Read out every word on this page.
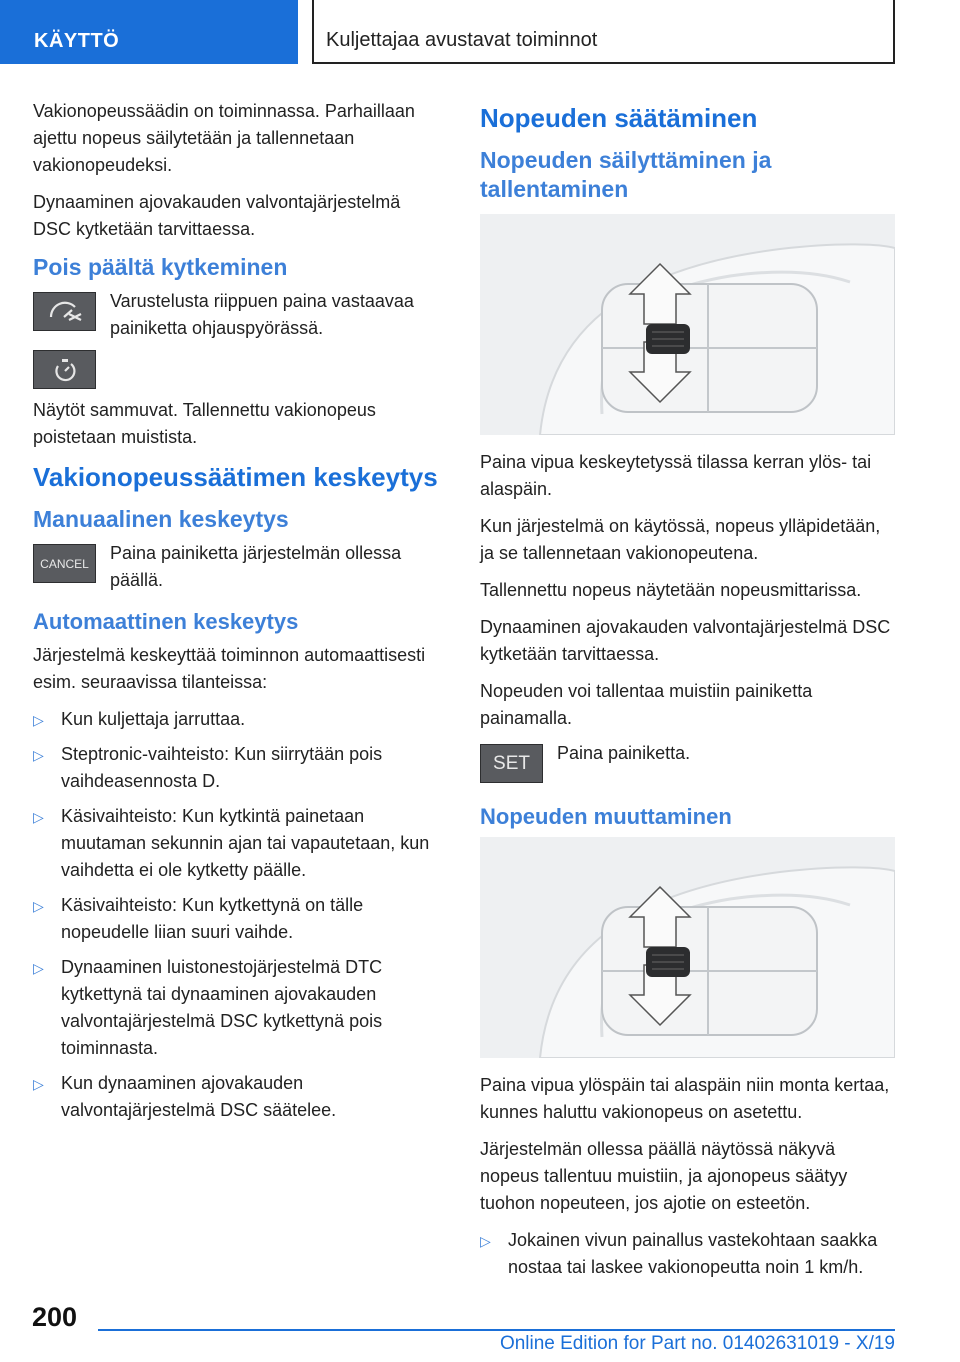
KÄYTTÖ	Kuljettajaa avustavat toiminnot

Vakionopeussäädin on toiminnassa. Parhaillaan ajettu nopeus säilytetään ja tallennetaan vakionopeudeksi.

Dynaaminen ajovakauden valvontajärjestelmä DSC kytketään tarvittaessa.

Pois päältä kytkeminen
Varustelusta riippuen paina vastaavaa painiketta ohjauspyörässä.

Näytöt sammuvat. Tallennettu vakionopeus poistetaan muistista.

Vakionopeussäätimen keskeytys
Manuaalinen keskeytys
CANCEL
Paina painiketta järjestelmän ollessa päällä.
Automaattinen keskeytys

Järjestelmä keskeyttää toiminnon automaattisesti esim. seuraavissa tilanteissa:

▷ Kun kuljettaja jarruttaa.
▷ Steptronic-vaihteisto: Kun siirrytään pois vaihdeasennosta D.
▷ Käsivaihteisto: Kun kytkintä painetaan muutaman sekunnin ajan tai vapautetaan, kun vaihdetta ei ole kytketty päälle.
▷ Käsivaihteisto: Kun kytkettynä on tälle nopeudelle liian suuri vaihde.
▷ Dynaaminen luistonestojärjestelmä DTC kytkettynä tai dynaaminen ajovakauden valvontajärjestelmä DSC kytkettynä pois toiminnasta.
▷ Kun dynaaminen ajovakauden valvontajärjestelmä DSC säätelee.
Nopeuden säätäminen
Nopeuden säilyttäminen ja tallentaminen

Paina vipua keskeytetyssä tilassa kerran ylös- tai alaspäin.

Kun järjestelmä on käytössä, nopeus ylläpidetään, ja se tallennetaan vakionopeutena.

Tallennettu nopeus näytetään nopeusmittarissa.

Dynaaminen ajovakauden valvontajärjestelmä DSC kytketään tarvittaessa.

Nopeuden voi tallentaa muistiin painiketta painamalla.

SET Paina painiketta.
Nopeuden muuttaminen

Paina vipua ylöspäin tai alaspäin niin monta kertaa, kunnes haluttu vakionopeus on asetettu.

Järjestelmän ollessa päällä näytössä näkyvä nopeus tallentuu muistiin, ja ajonopeus säätyy tuohon nopeuteen, jos ajotie on esteetön.

▷ Jokainen vivun painallus vastekohtaan saakka nostaa tai laskee vakionopeutta noin 1 km/h.
200
Online Edition for Part no. 01402631019 - X/19
